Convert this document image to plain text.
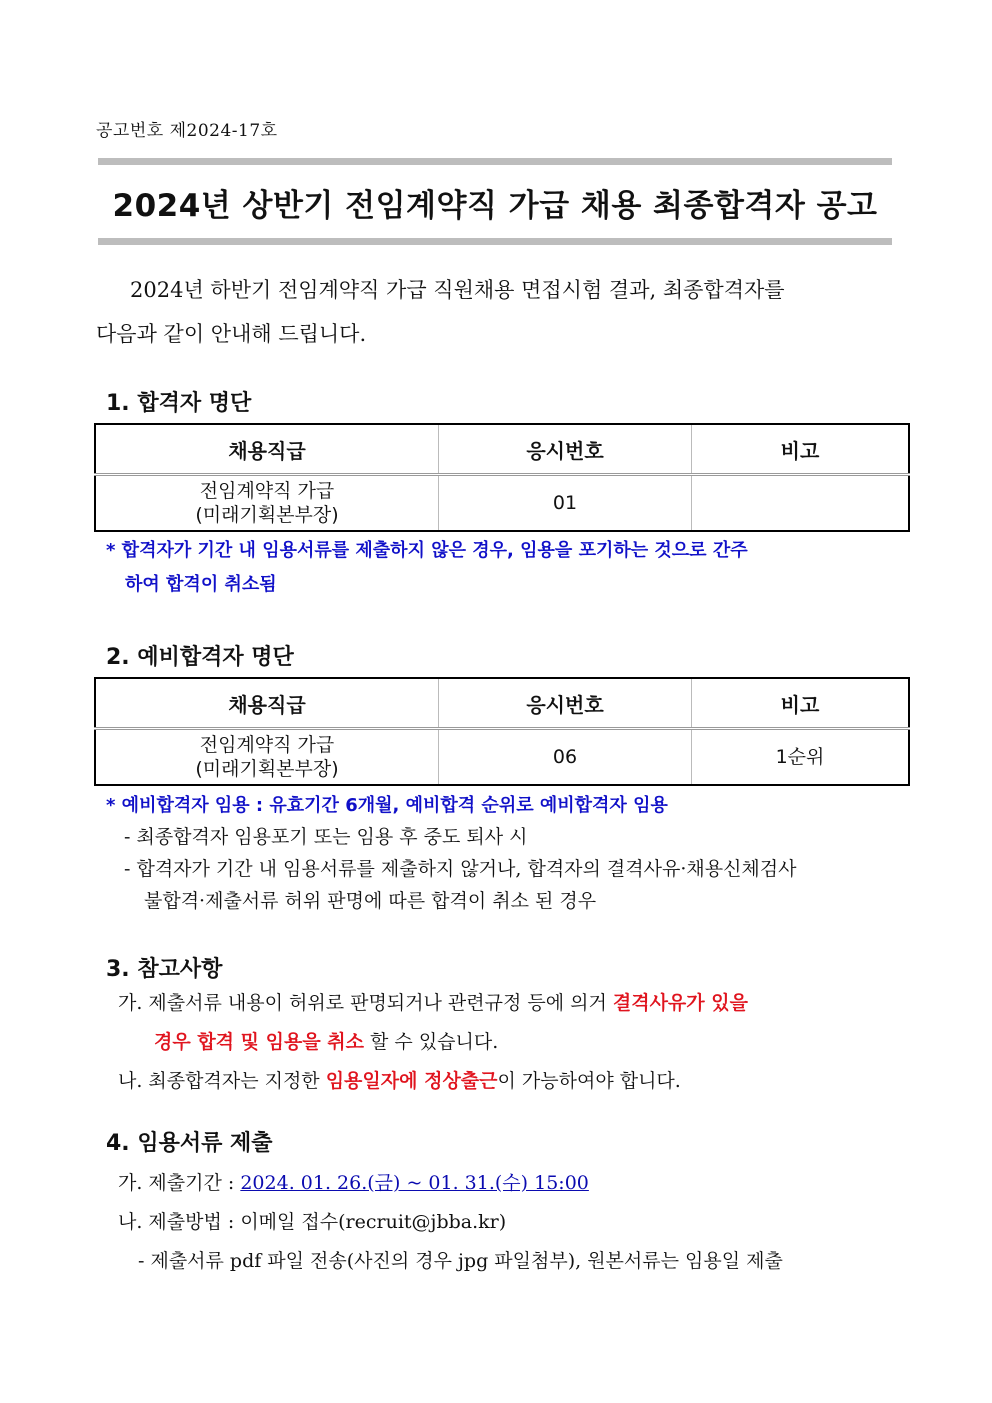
공고번호 제2024-17호
2024년 상반기 전임계약직 가급 채용 최종합격자 공고
2024년 하반기 전임계약직 가급 직원채용 면접시험 결과, 최종합격자를
다음과 같이 안내해 드립니다.
1. 합격자 명단
채용직급	응시번호	비고
전임계약직 가급
(미래기획본부장)	01	
* 합격자가 기간 내 임용서류를 제출하지 않은 경우, 임용을 포기하는 것으로 간주
하여 합격이 취소됨
2. 예비합격자 명단
채용직급	응시번호	비고
전임계약직 가급
(미래기획본부장)	06	1순위
* 예비합격자 임용 : 유효기간 6개월, 예비합격 순위로 예비합격자 임용
- 최종합격자 임용포기 또는 임용 후 중도 퇴사 시
- 합격자가 기간 내 임용서류를 제출하지 않거나, 합격자의 결격사유·채용신체검사
불합격·제출서류 허위 판명에 따른 합격이 취소 된 경우
3. 참고사항
가. 제출서류 내용이 허위로 판명되거나 관련규정 등에 의거 결격사유가 있을
경우 합격 및 임용을 취소 할 수 있습니다.
나. 최종합격자는 지정한 임용일자에 정상출근이 가능하여야 합니다.
4. 임용서류 제출
가. 제출기간 : 2024. 01. 26.(금) ~ 01. 31.(수) 15:00
나. 제출방법 : 이메일 접수(recruit@jbba.kr)
- 제출서류 pdf 파일 전송(사진의 경우 jpg 파일첨부), 원본서류는 임용일 제출
